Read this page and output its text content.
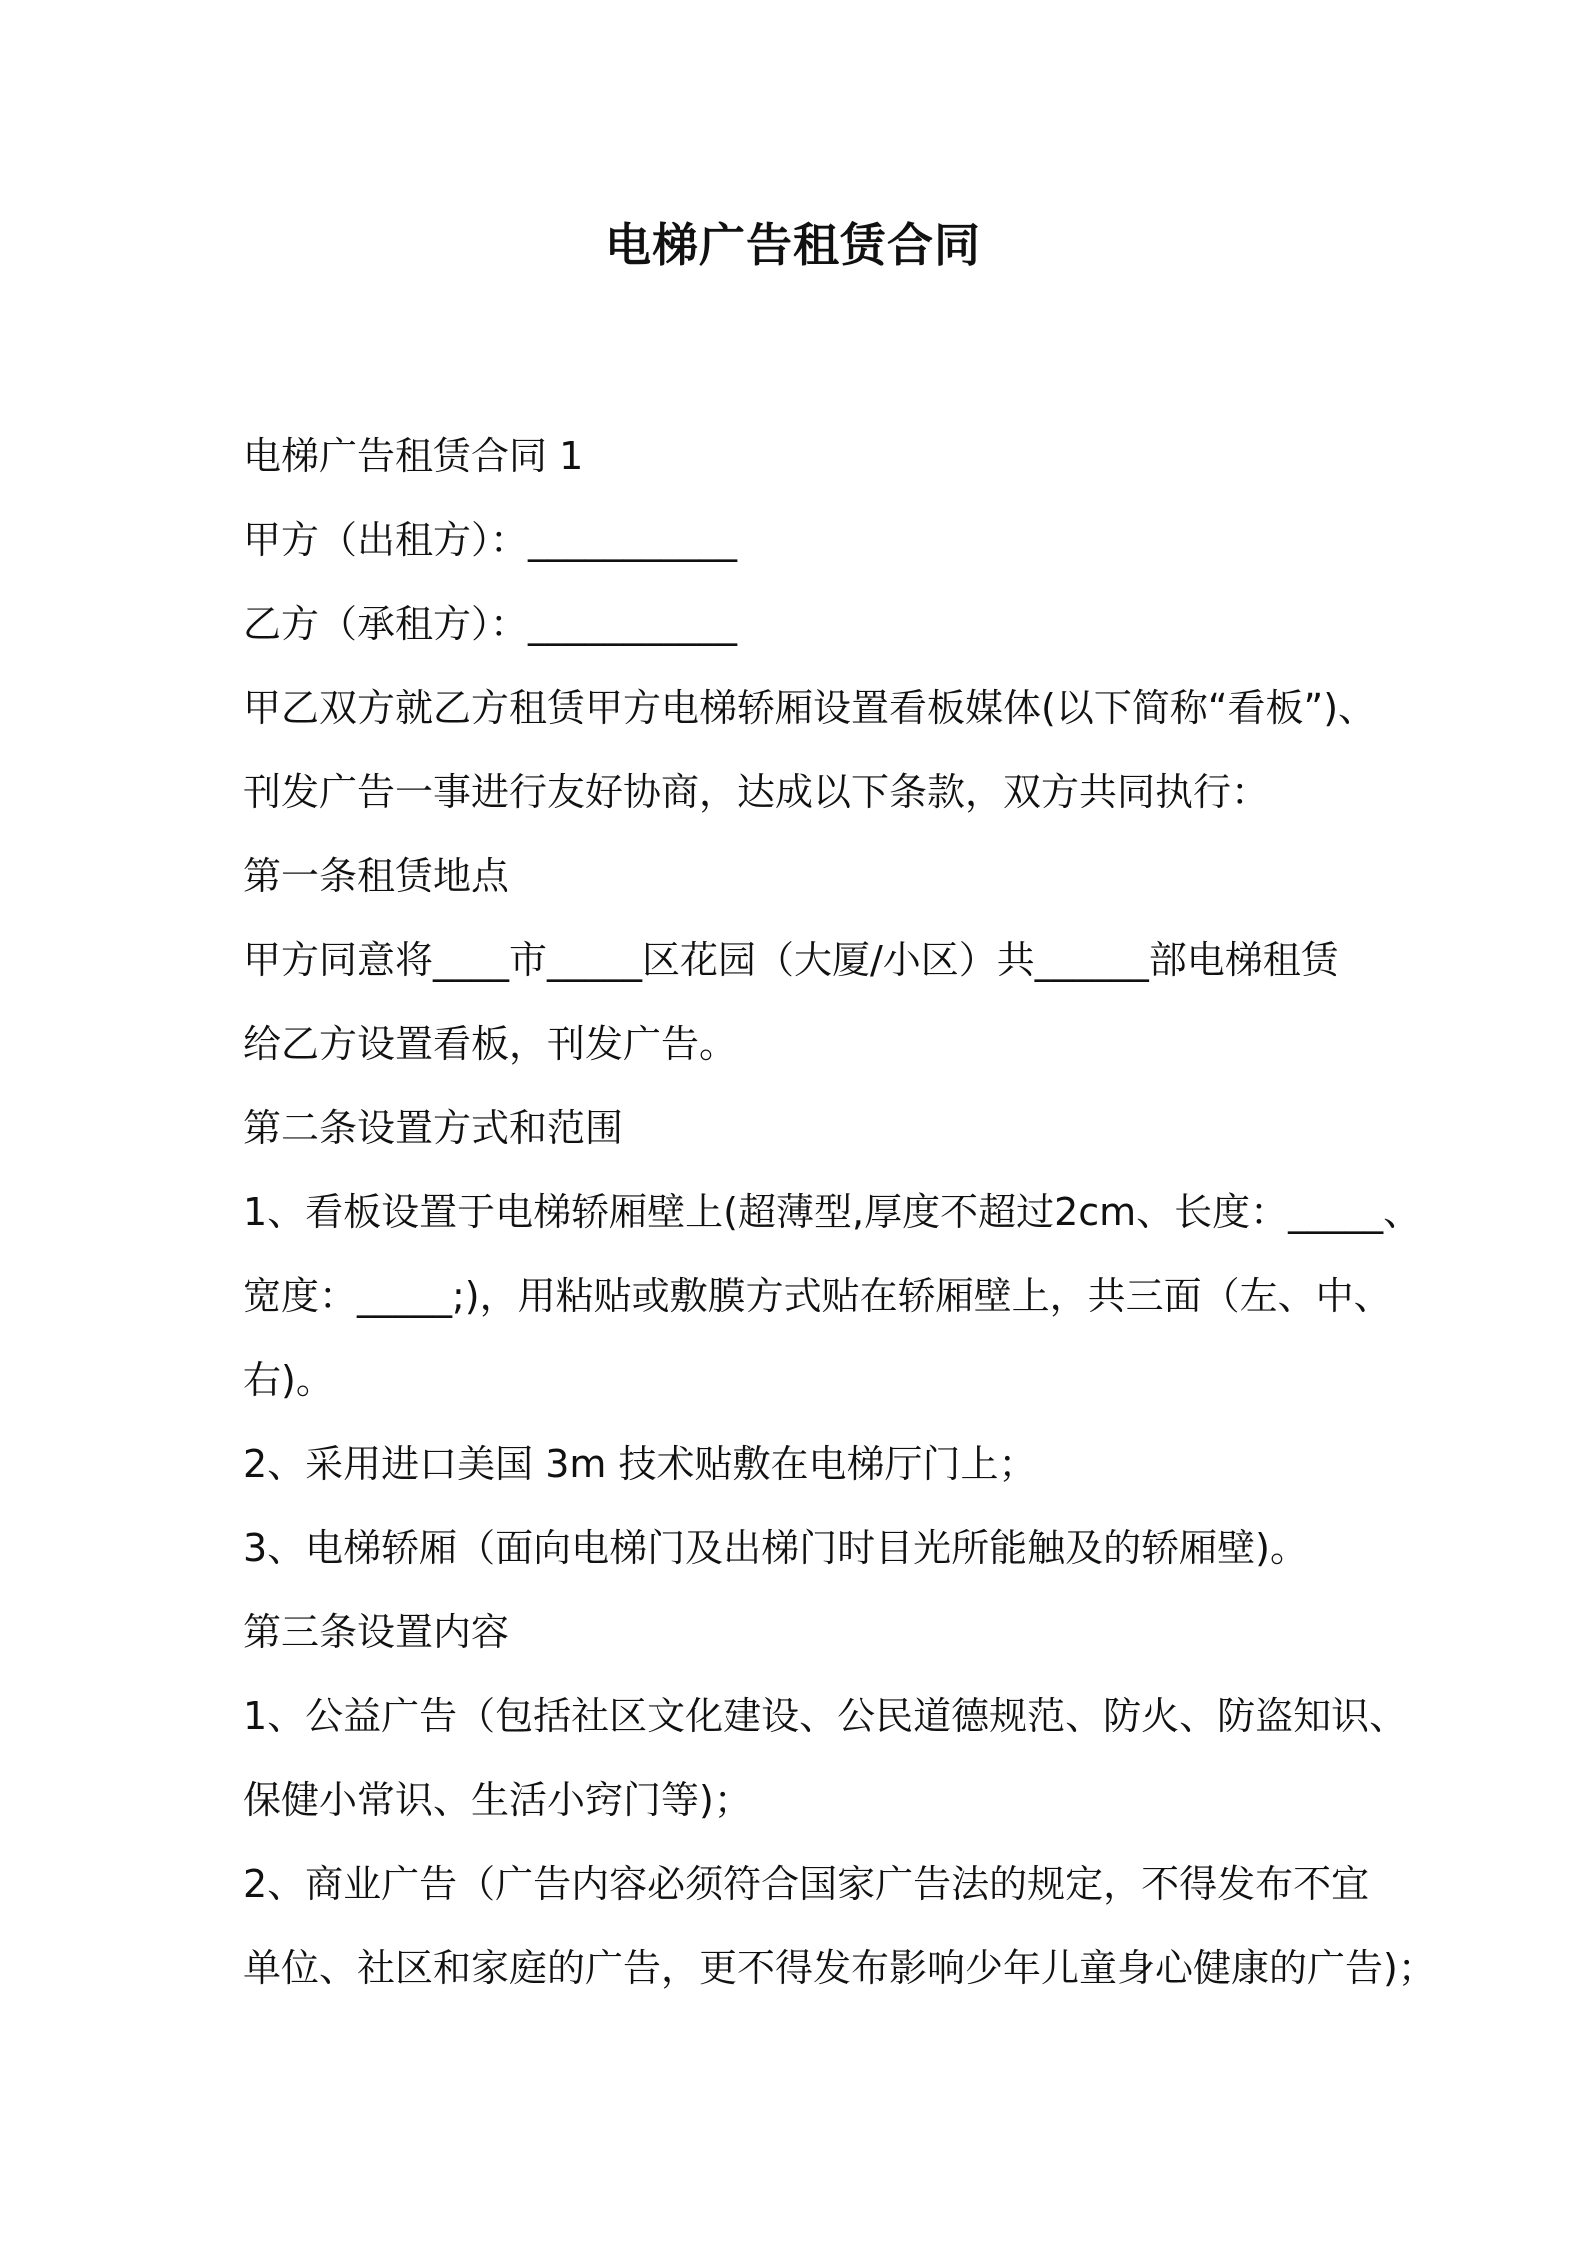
电梯广告租赁合同
电梯广告租赁合同 1
甲方（出租方）：___________
乙方（承租方）：___________
甲乙双方就乙方租赁甲方电梯轿厢设置看板媒体(以下简称“看板”)、
刊发广告一事进行友好协商，达成以下条款，双方共同执行：
第一条租赁地点
甲方同意将____市_____区花园（大厦/小区）共______部电梯租赁
给乙方设置看板，刊发广告。
第二条设置方式和范围
1、看板设置于电梯轿厢壁上(超薄型,厚度不超过2cm、长度：_____、
宽度：_____;)，用粘贴或敷膜方式贴在轿厢壁上，共三面（左、中、
右)。
2、采用进口美国 3m 技术贴敷在电梯厅门上；
3、电梯轿厢（面向电梯门及出梯门时目光所能触及的轿厢壁)。
第三条设置内容
1、公益广告（包括社区文化建设、公民道德规范、防火、防盗知识、
保健小常识、生活小窍门等)；
2、商业广告（广告内容必须符合国家广告法的规定，不得发布不宜
单位、社区和家庭的广告，更不得发布影响少年儿童身心健康的广告)；
